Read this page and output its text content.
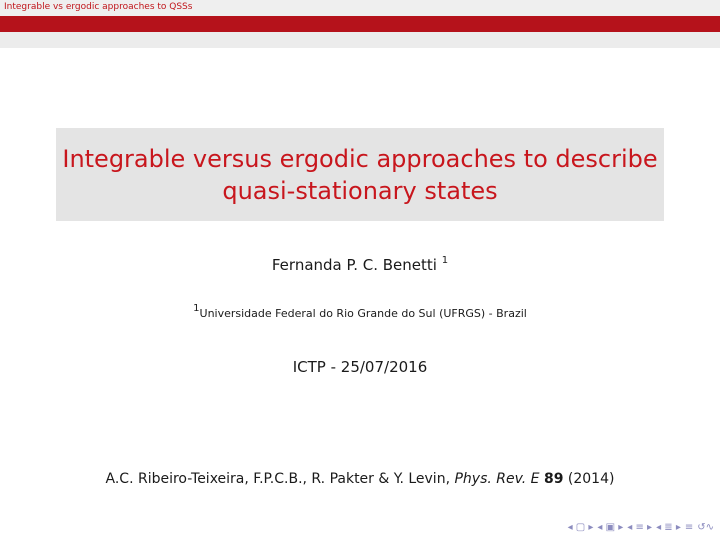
Integrable vs ergodic approaches to QSSs
Integrable versus ergodic approaches to describe
quasi-stationary states
Fernanda P. C. Benetti $^1$
$^1$Universidade Federal do Rio Grande do Sul (UFRGS) - Brazil
ICTP - 25/07/2016
A.C. Ribeiro-Teixeira, F.P.C.B., R. Pakter & Y. Levin, Phys. Rev. E 89 (2014)
◂ ▢ ▸ ◂ ▣ ▸ ◂ ≡ ▸ ◂ ≣ ▸ ≡ ↺∿
